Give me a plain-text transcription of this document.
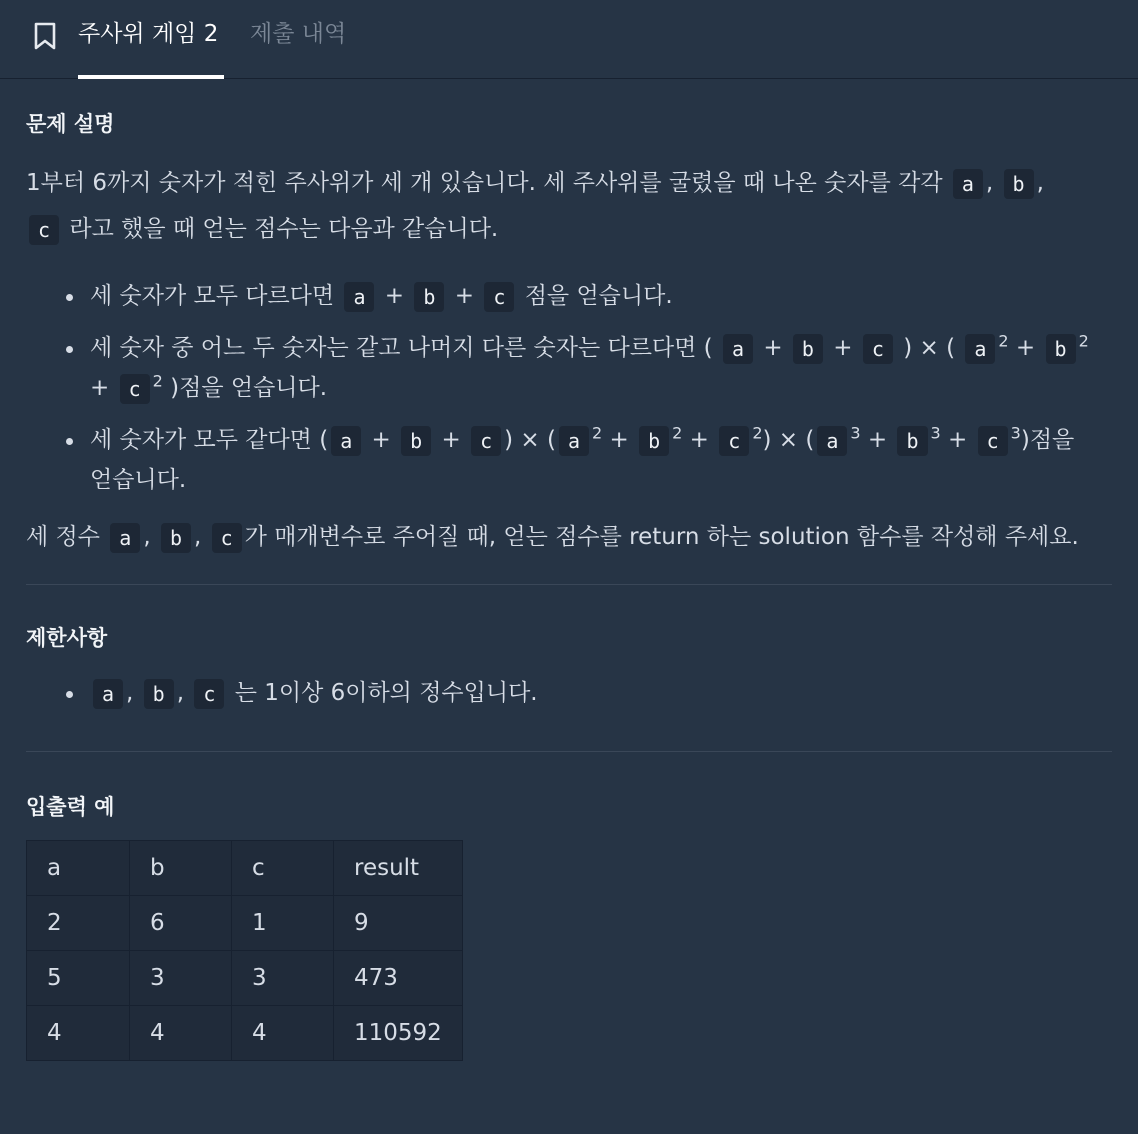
주사위 게임 2 제출 내역
문제 설명

1부터 6까지 숫자가 적힌 주사위가 세 개 있습니다. 세 주사위를 굴렸을 때 나온 숫자를 각각 a , b ,
c 라고 했을 때 얻는 점수는 다음과 같습니다.

세 숫자가 모두 다르다면 a + b + c 점을 얻습니다.
세 숫자 중 어느 두 숫자는 같고 나머지 다른 숫자는 다르다면 ( a + b + c ) × ( a $^2$ + b $^2$ + c $^2$ )점을 얻습니다.
세 숫자가 모두 같다면 ( a + b + c ) × ( a $^2$ + b $^2$ + c $^2$) × ( a $^3$ + b $^3$ + c $^3$)점을
얻습니다.

세 정수 a , b , c 가 매개변수로 주어질 때, 얻는 점수를 return 하는 solution 함수를 작성해 주세요.

제한사항
a , b , c 는 1이상 6이하의 정수입니다.
입출력 예
a	b	c	result
2	6	1	9
5	3	3	473
4	4	4	110592
